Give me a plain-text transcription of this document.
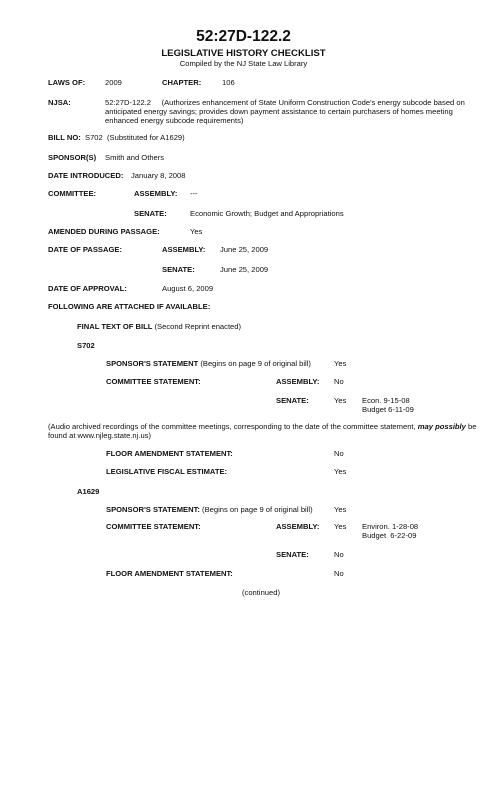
52:27D-122.2
LEGISLATIVE HISTORY CHECKLIST
Compiled by the NJ State Law Library
LAWS OF:	2009	CHAPTER:	106
NJSA:	52:27D-122.2     (Authorizes enhancement of State Uniform Construction Code's energy subcode based on anticipated energy savings; provides down payment assistance to certain purchasers of homes meeting enhanced energy subcode requirements)
BILL NO: S702 (Substituted for A1629)
SPONSOR(S) Smith and Others
DATE INTRODUCED: January 8, 2008
COMMITTEE:	ASSEMBLY: ---
SENATE:	Economic Growth; Budget and Appropriations
AMENDED DURING PASSAGE:	Yes
DATE OF PASSAGE:	ASSEMBLY: June 25, 2009
SENATE:	June 25, 2009
DATE OF APPROVAL:	August 6, 2009
FOLLOWING ARE ATTACHED IF AVAILABLE:
FINAL TEXT OF BILL (Second Reprint enacted)
S702
SPONSOR'S STATEMENT (Begins on page 9 of original bill)	Yes
COMMITTEE STATEMENT:	ASSEMBLY: No
SENATE:	Yes Econ. 9-15-08
Budget 6-11-09
(Audio archived recordings of the committee meetings, corresponding to the date of the committee statement, may possibly be found at www.njleg.state.nj.us)
FLOOR AMENDMENT STATEMENT:	No
LEGISLATIVE FISCAL ESTIMATE:	Yes
A1629
SPONSOR'S STATEMENT: (Begins on page 9 of original bill)	Yes
COMMITTEE STATEMENT:	ASSEMBLY: Yes Environ. 1-28-08
Budget  6-22-09
SENATE:	No
FLOOR AMENDMENT STATEMENT:	No
(continued)
